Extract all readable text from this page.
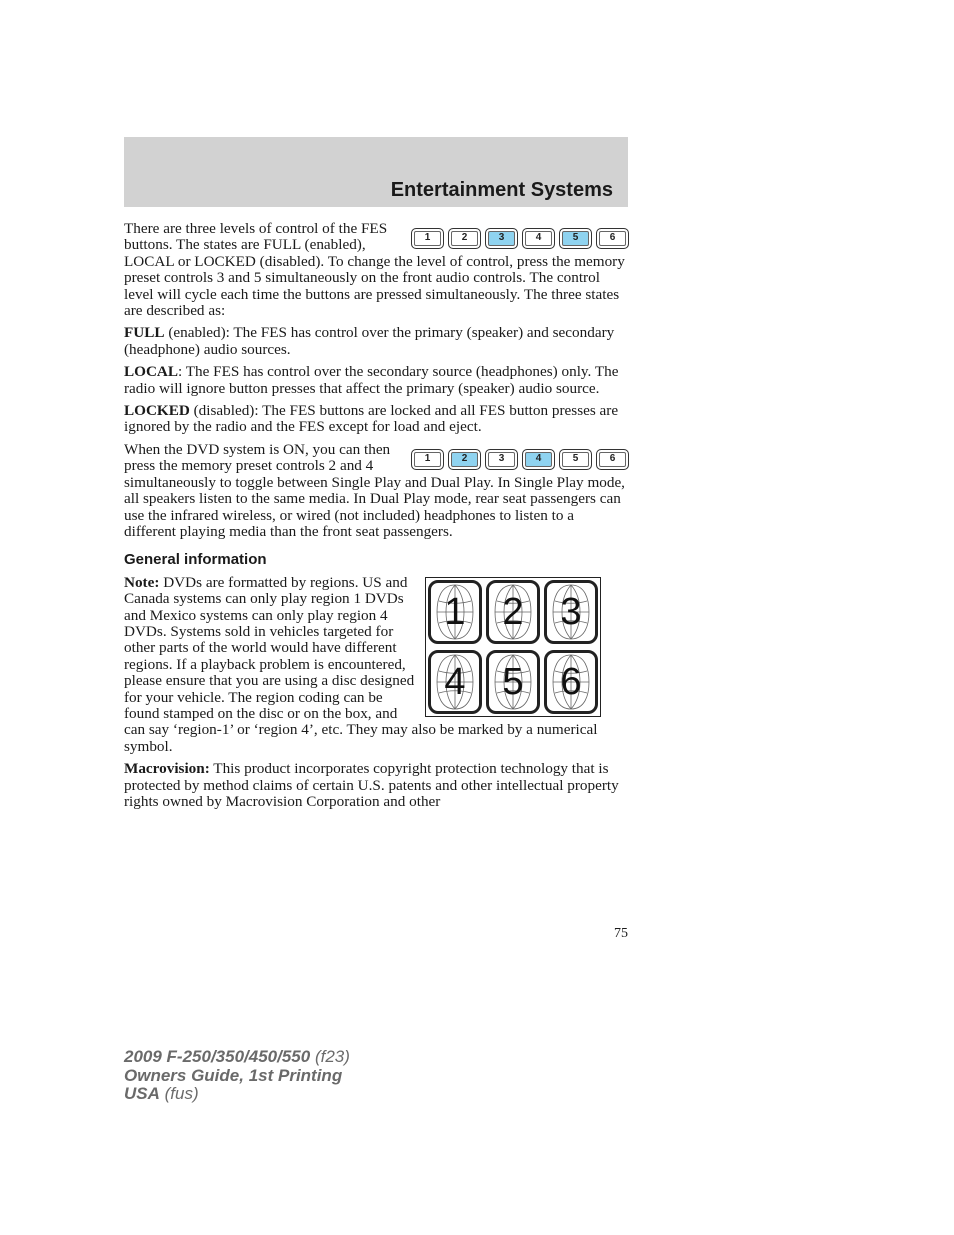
Entertainment Systems
1	2	3	4	5	6

There are three levels of control of the FES buttons. The states are FULL (enabled), LOCAL or LOCKED (disabled). To change the level of control, press the memory preset controls 3 and 5 simultaneously on the front audio controls. The control level will cycle each time the buttons are pressed simultaneously. The three states are described as:

FULL (enabled): The FES has control over the primary (speaker) and secondary (headphone) audio sources.

LOCAL: The FES has control over the secondary source (headphones) only. The radio will ignore button presses that affect the primary (speaker) audio source.

LOCKED (disabled): The FES buttons are locked and all FES button presses are ignored by the radio and the FES except for load and eject.

1	2	3	4	5	6

When the DVD system is ON, you can then press the memory preset controls 2 and 4 simultaneously to toggle between Single Play and Dual Play. In Single Play mode, all speakers listen to the same media. In Dual Play mode, rear seat passengers can use the infrared wireless, or wired (not included) headphones to listen to a different playing media than the front seat passengers.

General information
1 2 3
4 5 6

Note: DVDs are formatted by regions. US and Canada systems can only play region 1 DVDs and Mexico systems can only play region 4 DVDs. Systems sold in vehicles targeted for other parts of the world would have different regions. If a playback problem is encountered, please ensure that you are using a disc designed for your vehicle. The region coding can be found stamped on the disc or on the box, and can say ‘region-1’ or ‘region 4’, etc. They may also be marked by a numerical symbol.

Macrovision: This product incorporates copyright protection technology that is protected by method claims of certain U.S. patents and other intellectual property rights owned by Macrovision Corporation and other

75
2009 F-250/350/450/550 (f23)
Owners Guide, 1st Printing
USA (fus)
